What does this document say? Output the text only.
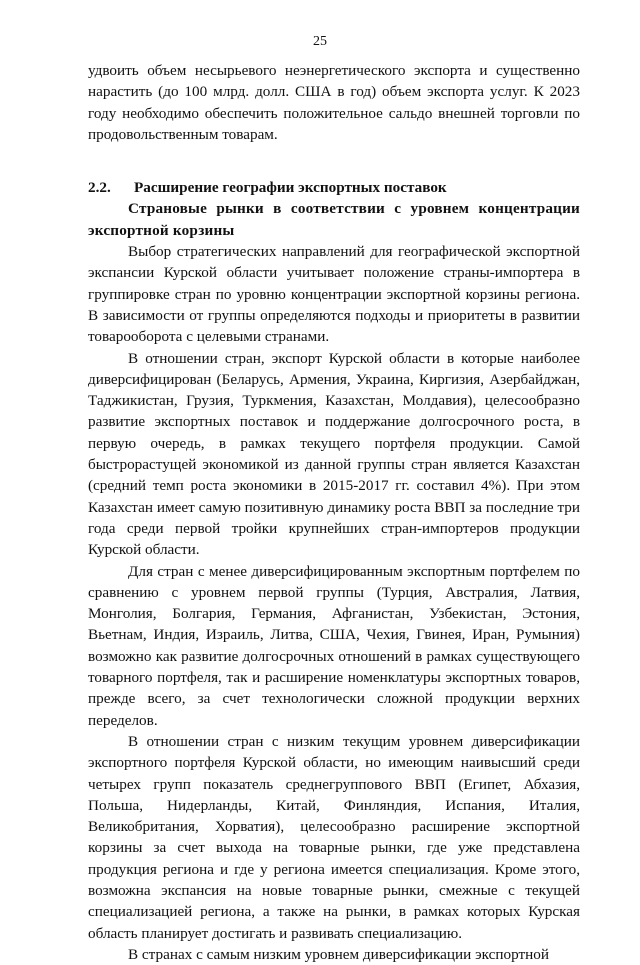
25

удвоить объем несырьевого неэнергетического экспорта и существенно нарастить (до 100 млрд. долл. США в год) объем экспорта услуг. К 2023 году необходимо обеспечить положительное сальдо внешней торговли по продовольственным товарам.

2.2. Расширение географии экспортных поставок

Страновые рынки в соответствии с уровнем концентрации экспортной корзины

Выбор стратегических направлений для географической экспортной экспансии Курской области учитывает положение страны-импортера в группировке стран по уровню концентрации экспортной корзины региона. В зависимости от группы определяются подходы и приоритеты в развитии товарооборота с целевыми странами.

В отношении стран, экспорт Курской области в которые наиболее диверсифицирован (Беларусь, Армения, Украина, Киргизия, Азербайджан, Таджикистан, Грузия, Туркмения, Казахстан, Молдавия), целесообразно развитие экспортных поставок и поддержание долгосрочного роста, в первую очередь, в рамках текущего портфеля продукции. Самой быстрорастущей экономикой из данной группы стран является Казахстан (средний темп роста экономики в 2015-2017 гг. составил 4%). При этом Казахстан имеет самую позитивную динамику роста ВВП за последние три года среди первой тройки крупнейших стран-импортеров продукции Курской области.

Для стран с менее диверсифицированным экспортным портфелем по сравнению с уровнем первой группы (Турция, Австралия, Латвия, Монголия, Болгария, Германия, Афганистан, Узбекистан, Эстония, Вьетнам, Индия, Израиль, Литва, США, Чехия, Гвинея, Иран, Румыния) возможно как развитие долгосрочных отношений в рамках существующего товарного портфеля, так и расширение номенклатуры экспортных товаров, прежде всего, за счет технологически сложной продукции верхних переделов.

В отношении стран с низким текущим уровнем диверсификации экспортного портфеля Курской области, но имеющим наивысший среди четырех групп показатель среднегруппового ВВП (Египет, Абхазия, Польша, Нидерланды, Китай, Финляндия, Испания, Италия, Великобритания, Хорватия), целесообразно расширение экспортной корзины за счет выхода на товарные рынки, где уже представлена продукция региона и где у региона имеется специализация. Кроме этого, возможна экспансия на новые товарные рынки, смежные с текущей специализацией региона, а также на рынки, в рамках которых Курская область планирует достигать и развивать специализацию.

В странах с самым низким уровнем диверсификации экспортной
